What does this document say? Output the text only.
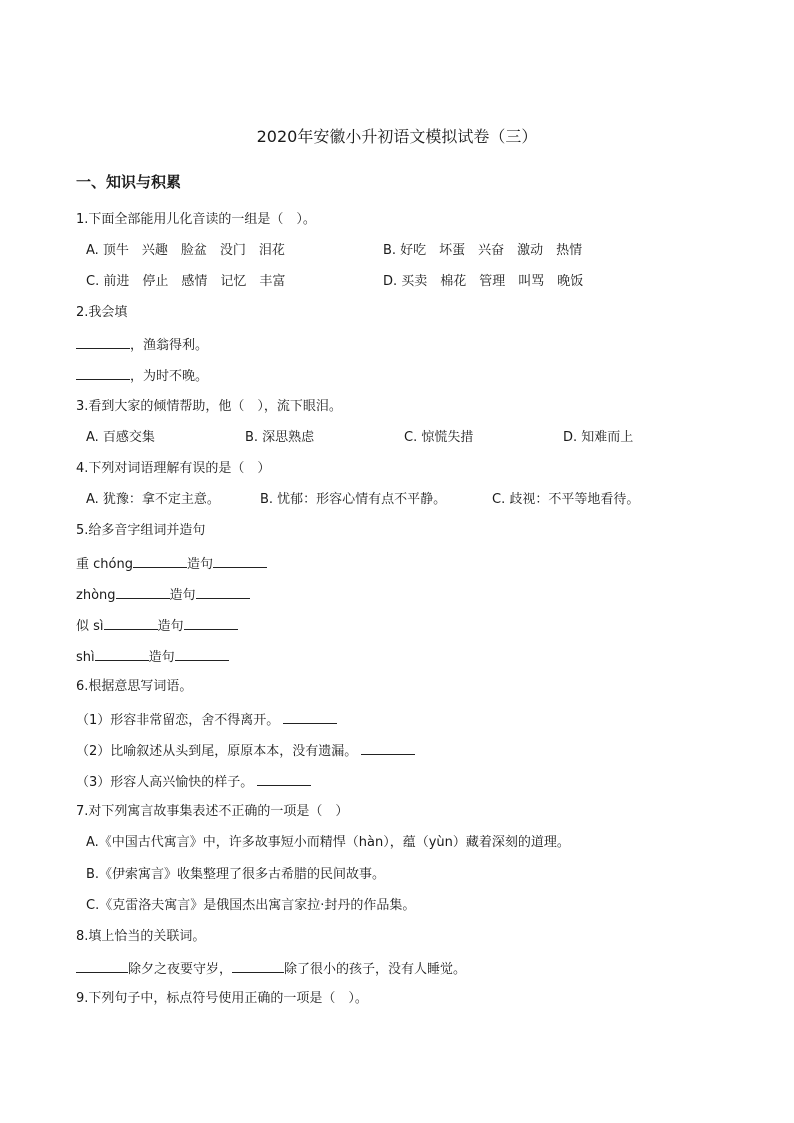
2020年安徽小升初语文模拟试卷（三）
一、知识与积累
1.下面全部能用儿化音读的一组是（　）。
A. 顶牛　兴趣　脸盆　没门　泪花	B. 好吃　坏蛋　兴奋　激动　热情
C. 前进　停止　感情　记忆　丰富	D. 买卖　棉花　管理　叫骂　晚饭
2.我会填
，渔翁得利。
，为时不晚。
3.看到大家的倾情帮助，他（　），流下眼泪。
A. 百感交集	B. 深思熟虑	C. 惊慌失措	D. 知难而上
4.下列对词语理解有误的是（　）
A. 犹豫：拿不定主意。	B. 忧郁：形容心情有点不平静。	C. 歧视：不平等地看待。
5.给多音字组词并造句
重 chóng	造句
zhòng	造句
似 sì	造句
shì	造句
6.根据意思写词语。
（1）形容非常留恋，舍不得离开。
（2）比喻叙述从头到尾，原原本本，没有遗漏。
（3）形容人高兴愉快的样子。
7.对下列寓言故事集表述不正确的一项是（　）
A.《中国古代寓言》中，许多故事短小而精悍（hàn），蕴（yùn）藏着深刻的道理。
B.《伊索寓言》收集整理了很多古希腊的民间故事。
C.《克雷洛夫寓言》是俄国杰出寓言家拉·封丹的作品集。
8.填上恰当的关联词。
除夕之夜要守岁，	除了很小的孩子，没有人睡觉。
9.下列句子中，标点符号使用正确的一项是（　）。
